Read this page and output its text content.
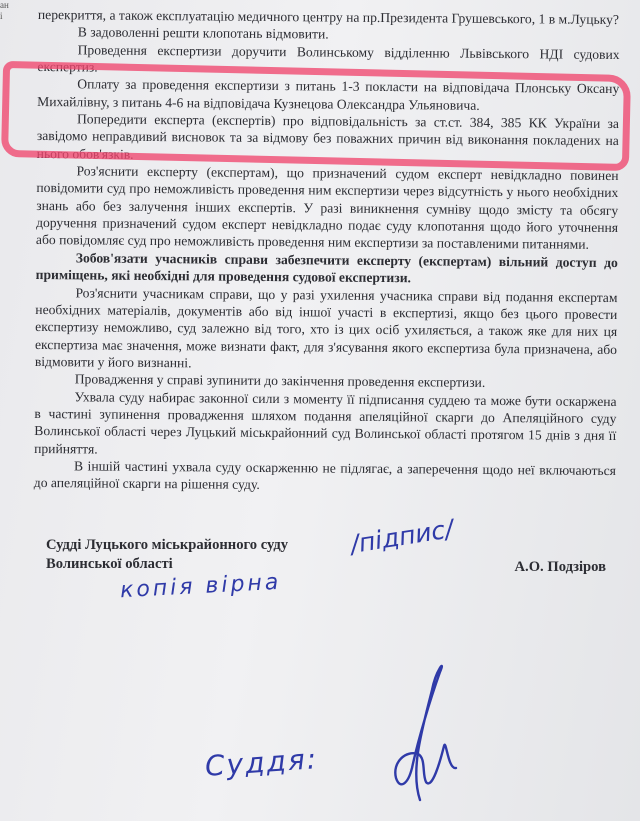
ані	перекриття, а також експлуатацію медичного центру на пр.Президента Грушевського, 1 в м.Луцьку?

В задоволенні решти клопотань відмовити.

Проведення експертизи доручити Волинському відділенню Львівського НДІ судових експертиз.

Оплату за проведення експертизи з питань 1-3 покласти на відповідача Плонську Оксану Михайлівну, з питань 4-6 на відповідача Кузнецова Олександра Ульяновича.

Попередити експерта (експертів) про відповідальність за ст.ст. 384, 385 КК України за завідомо неправдивий висновок та за відмову без поважних причин від виконання покладених на нього обов'язків.

Роз'яснити експерту (експертам), що призначений судом експерт невідкладно повинен повідомити суд про неможливість проведення ним експертизи через відсутність у нього необхідних знань або без залучення інших експертів. У разі виникнення сумніву щодо змісту та обсягу доручення призначений судом експерт невідкладно подає суду клопотання щодо його уточнення або повідомляє суд про неможливість проведення ним експертизи за поставленими питаннями.

Зобов'язати учасників справи забезпечити експерту (експертам) вільний доступ до приміщень, які необхідні для проведення судової експертизи.

Роз'яснити учасникам справи, що у разі ухилення учасника справи від подання експертам необхідних матеріалів, документів або від іншої участі в експертизі, якщо без цього провести експертизу неможливо, суд залежно від того, хто із цих осіб ухиляється, а також яке для них ця експертиза має значення, може визнати факт, для з'ясування якого експертиза була призначена, або відмовити у його визнанні.

Провадження у справі зупинити до закінчення проведення експертизи.

Ухвала суду набирає законної сили з моменту її підписання суддею та може бути оскаржена в частині зупинення провадження шляхом подання апеляційної скарги до Апеляційного суду Волинської області через Луцький міськрайонний суд Волинської області протягом 15 днів з дня її прийняття.

В іншій частині ухвала суду оскарженню не підлягає, а заперечення щодо неї включаються до апеляційної скарги на рішення суду.

Судді Луцького міськрайонного суду
Волинської області	А.О. Подзіров
/підпис/
копія вірна
Суддя:
